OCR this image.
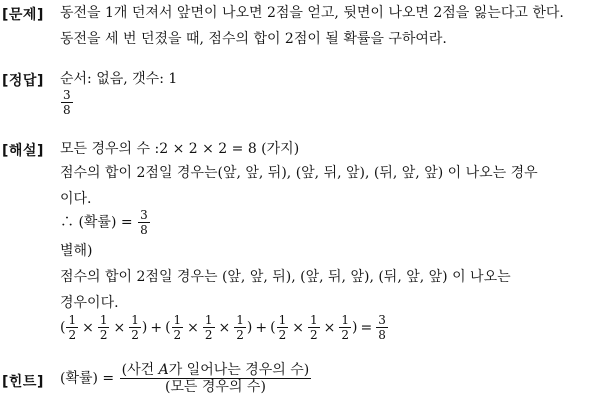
[문제] 동전을 1개 던져서 앞면이 나오면 2점을 얻고, 뒷면이 나오면 2점을 잃는다고 한다.
동전을 세 번 던졌을 때, 점수의 합이 2점이 될 확률을 구하여라.
[정답] 순서: 없음, 갯수: 1
$\frac{3}{8}$
[해설] 모든 경우의 수 :2 × 2 × 2 = 8 (가지)
점수의 합이 2점일 경우는(앞, 앞, 뒤), (앞, 뒤, 앞), (뒤, 앞, 앞) 이 나오는 경우
이다.
∴ (확률) = $\frac{3}{8}$
별해)
점수의 합이 2점일 경우는 (앞, 앞, 뒤), (앞, 뒤, 앞), (뒤, 앞, 앞) 이 나오는
경우이다.
( $\frac{1}{2} \times \frac{1}{2} \times \frac{1}{2}$ ) + ( $\frac{1}{2} \times \frac{1}{2} \times \frac{1}{2}$ ) + ( $\frac{1}{2} \times \frac{1}{2} \times \frac{1}{2}$ ) = $\frac{3}{8}$
[힌트] (확률) = $\frac{\text{(사건 A가 일어나는 경우의 수)}}{\text{(모든 경우의 수)}}$
